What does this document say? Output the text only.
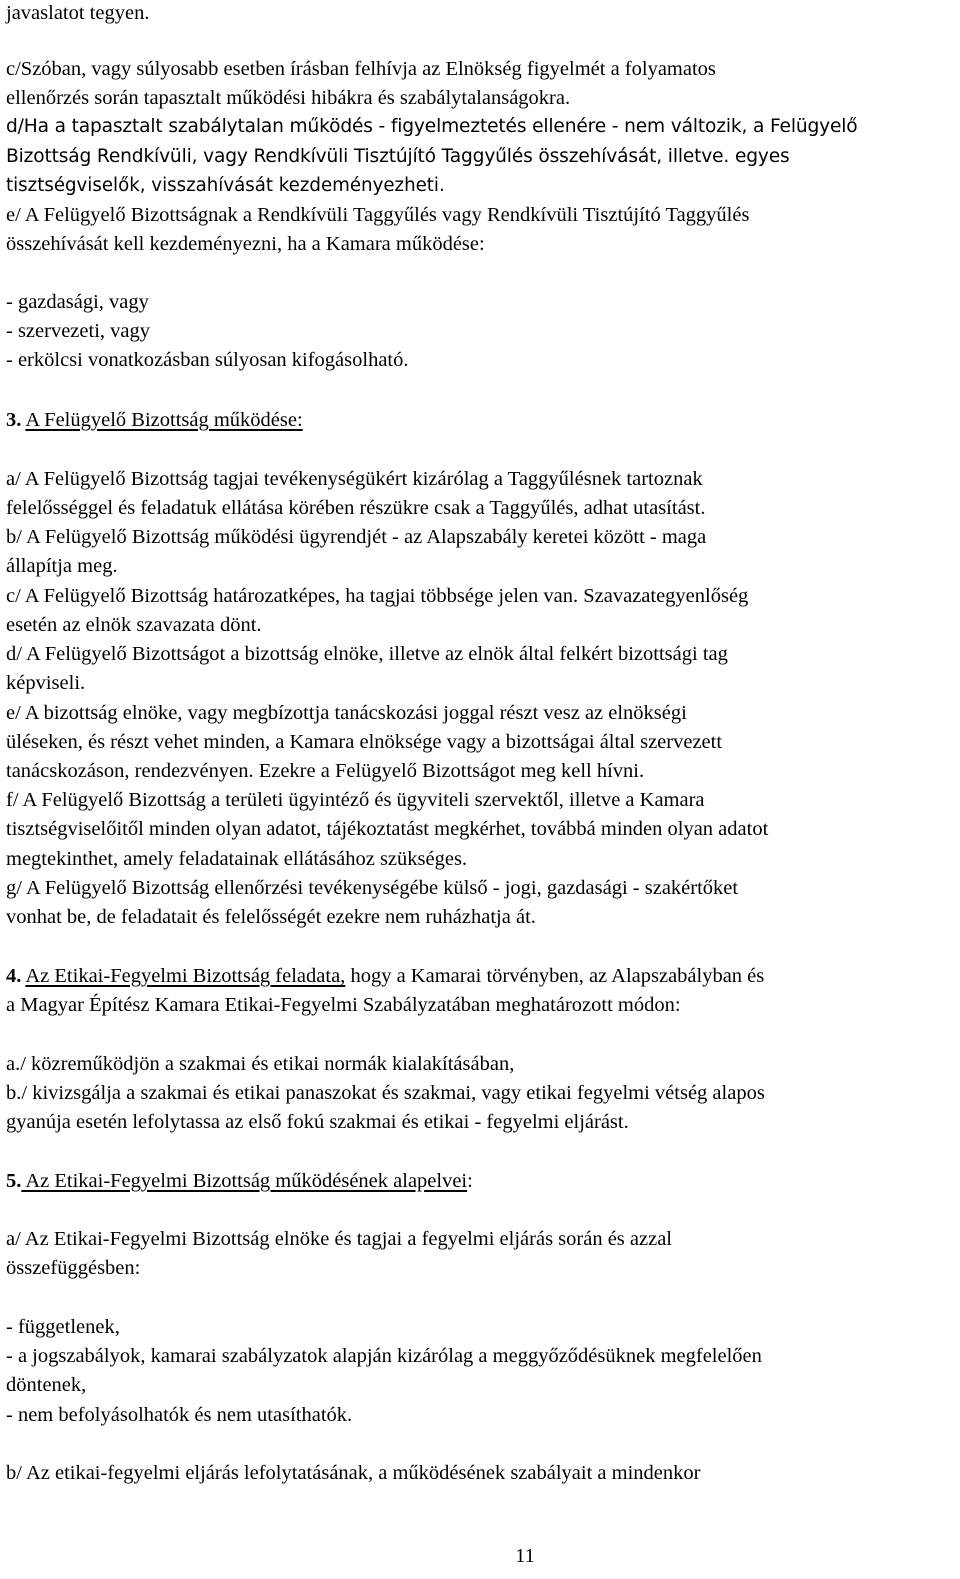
javaslatot tegyen.
c/Szóban, vagy súlyosabb esetben írásban felhívja az Elnökség figyelmét a folyamatos
ellenőrzés során tapasztalt működési hibákra és szabálytalanságokra.
d/Ha a tapasztalt szabálytalan működés - figyelmeztetés ellenére - nem változik, a Felügyelő
Bizottság Rendkívüli, vagy Rendkívüli Tisztújító Taggyűlés összehívását, illetve. egyes
tisztségviselők, visszahívását kezdeményezheti.
e/ A Felügyelő Bizottságnak a Rendkívüli Taggyűlés vagy Rendkívüli Tisztújító Taggyűlés
összehívását kell kezdeményezni, ha a Kamara működése:
- gazdasági, vagy
- szervezeti, vagy
- erkölcsi vonatkozásban súlyosan kifogásolható.
3. A Felügyelő Bizottság működése:
a/ A Felügyelő Bizottság tagjai tevékenységükért kizárólag a Taggyűlésnek tartoznak
felelősséggel és feladatuk ellátása körében részükre csak a Taggyűlés, adhat utasítást.
b/ A Felügyelő Bizottság működési ügyrendjét - az Alapszabály keretei között - maga
állapítja meg.
c/ A Felügyelő Bizottság határozatképes, ha tagjai többsége jelen van. Szavazategyenlőség
esetén az elnök szavazata dönt.
d/ A Felügyelő Bizottságot a bizottság elnöke, illetve az elnök által felkért bizottsági tag
képviseli.
e/ A bizottság elnöke, vagy megbízottja tanácskozási joggal részt vesz az elnökségi
üléseken, és részt vehet minden, a Kamara elnöksége vagy a bizottságai által szervezett
tanácskozáson, rendezvényen. Ezekre a Felügyelő Bizottságot meg kell hívni.
f/ A Felügyelő Bizottság a területi ügyintéző és ügyviteli szervektől, illetve a Kamara
tisztségviselőitől minden olyan adatot, tájékoztatást megkérhet, továbbá minden olyan adatot
megtekinthet, amely feladatainak ellátásához szükséges.
g/ A Felügyelő Bizottság ellenőrzési tevékenységébe külső - jogi, gazdasági - szakértőket
vonhat be, de feladatait és felelősségét ezekre nem ruházhatja át.
4. Az Etikai-Fegyelmi Bizottság feladata, hogy a Kamarai törvényben, az Alapszabályban és
a Magyar Építész Kamara Etikai-Fegyelmi Szabályzatában meghatározott módon:
a./ közreműködjön a szakmai és etikai normák kialakításában,
b./ kivizsgálja a szakmai és etikai panaszokat és szakmai, vagy etikai fegyelmi vétség alapos
gyanúja esetén lefolytassa az első fokú szakmai és etikai - fegyelmi eljárást.
5. Az Etikai-Fegyelmi Bizottság működésének alapelvei:
a/ Az Etikai-Fegyelmi Bizottság elnöke és tagjai a fegyelmi eljárás során és azzal
összefüggésben:
- függetlenek,
- a jogszabályok, kamarai szabályzatok alapján kizárólag a meggyőződésüknek megfelelően
döntenek,
- nem befolyásolhatók és nem utasíthatók.
b/ Az etikai-fegyelmi eljárás lefolytatásának, a működésének szabályait a mindenkor
11
